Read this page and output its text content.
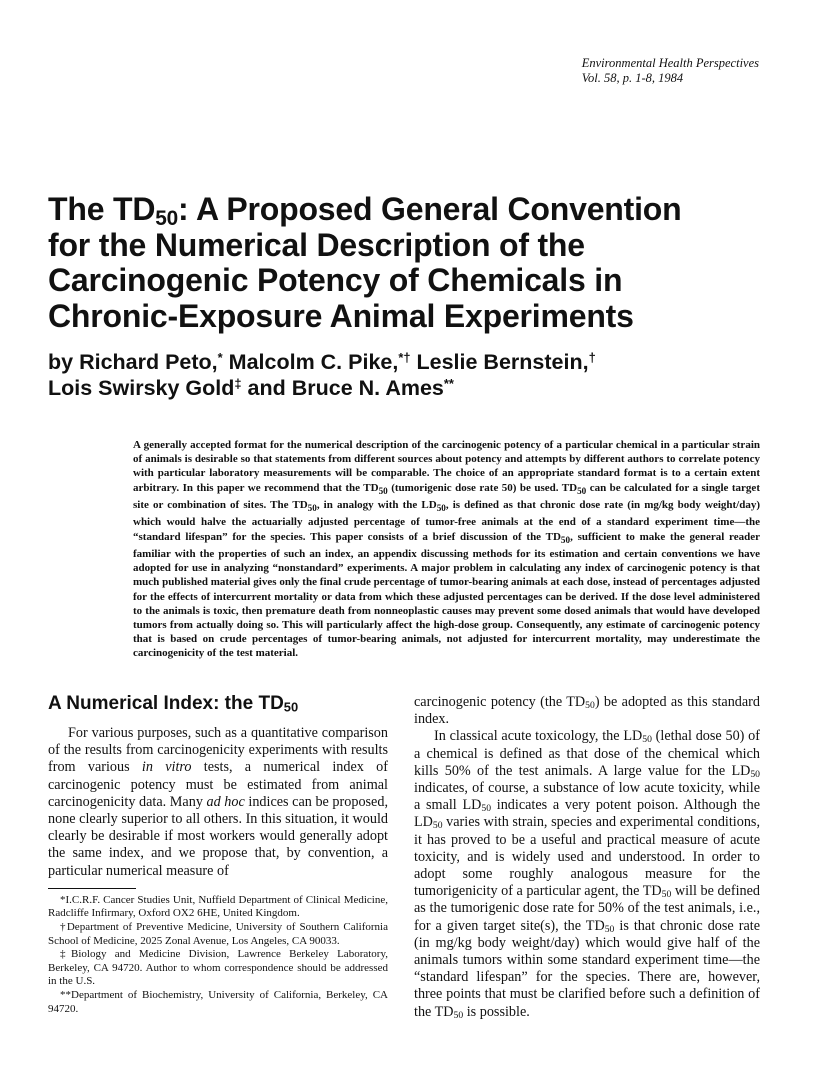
Environmental Health Perspectives
Vol. 58, p. 1-8, 1984
The $TD_{50}$: A Proposed General Convention
for the Numerical Description of the
Carcinogenic Potency of Chemicals in
Chronic-Exposure Animal Experiments
by Richard Peto,* Malcolm C. Pike,*† Leslie Bernstein,†
Lois Swirsky Gold‡ and Bruce N. Ames**
A generally accepted format for the numerical description of the carcinogenic potency of a particular chemical in a particular strain of animals is desirable so that statements from different sources about potency and attempts by different authors to correlate potency with particular laboratory measurements will be comparable. The choice of an appropriate standard format is to a certain extent arbitrary. In this paper we recommend that the $TD_{50}$ (tumorigenic dose rate 50) be used. $TD_{50}$ can be calculated for a single target site or combination of sites. The $TD_{50}$, in analogy with the $LD_{50}$, is defined as that chronic dose rate (in mg/kg body weight/day) which would halve the actuarially adjusted percentage of tumor-free animals at the end of a standard experiment time—the “standard lifespan” for the species. This paper consists of a brief discussion of the $TD_{50}$, sufficient to make the general reader familiar with the properties of such an index, an appendix discussing methods for its estimation and certain conventions we have adopted for use in analyzing “nonstandard” experiments. A major problem in calculating any index of carcinogenic potency is that much published material gives only the final crude percentage of tumor-bearing animals at each dose, instead of percentages adjusted for the effects of intercurrent mortality or data from which these adjusted percentages can be derived. If the dose level administered to the animals is toxic, then premature death from nonneoplastic causes may prevent some dosed animals that would have developed tumors from actually doing so. This will particularly affect the high-dose group. Consequently, any estimate of carcinogenic potency that is based on crude percentages of tumor-bearing animals, not adjusted for intercurrent mortality, may underestimate the carcinogenicity of the test material.
A Numerical Index: the $TD_{50}$

For various purposes, such as a quantitative comparison of the results from carcinogenicity experiments with results from various in vitro tests, a numerical index of carcinogenic potency must be estimated from animal carcinogenicity data. Many ad hoc indices can be proposed, none clearly superior to all others. In this situation, it would clearly be desirable if most workers would generally adopt the same index, and we propose that, by convention, a particular numerical measure of

*I.C.R.F. Cancer Studies Unit, Nuffield Department of Clinical Medicine, Radcliffe Infirmary, Oxford OX2 6HE, United Kingdom.

†Department of Preventive Medicine, University of Southern California School of Medicine, 2025 Zonal Avenue, Los Angeles, CA 90033.

‡Biology and Medicine Division, Lawrence Berkeley Laboratory, Berkeley, CA 94720. Author to whom correspondence should be addressed in the U.S.

**Department of Biochemistry, University of California, Berkeley, CA 94720.

carcinogenic potency (the $TD_{50}$) be adopted as this standard index.

In classical acute toxicology, the $LD_{50}$ (lethal dose 50) of a chemical is defined as that dose of the chemical which kills 50% of the test animals. A large value for the $LD_{50}$ indicates, of course, a substance of low acute toxicity, while a small $LD_{50}$ indicates a very potent poison. Although the $LD_{50}$ varies with strain, species and experimental conditions, it has proved to be a useful and practical measure of acute toxicity, and is widely used and understood. In order to adopt some roughly analogous measure for the tumorigenicity of a particular agent, the $TD_{50}$ will be defined as the tumorigenic dose rate for 50% of the test animals, i.e., for a given target site(s), the $TD_{50}$ is that chronic dose rate (in mg/kg body weight/day) which would give half of the animals tumors within some standard experiment time—the “standard lifespan” for the species. There are, however, three points that must be clarified before such a definition of the $TD_{50}$ is possible.
